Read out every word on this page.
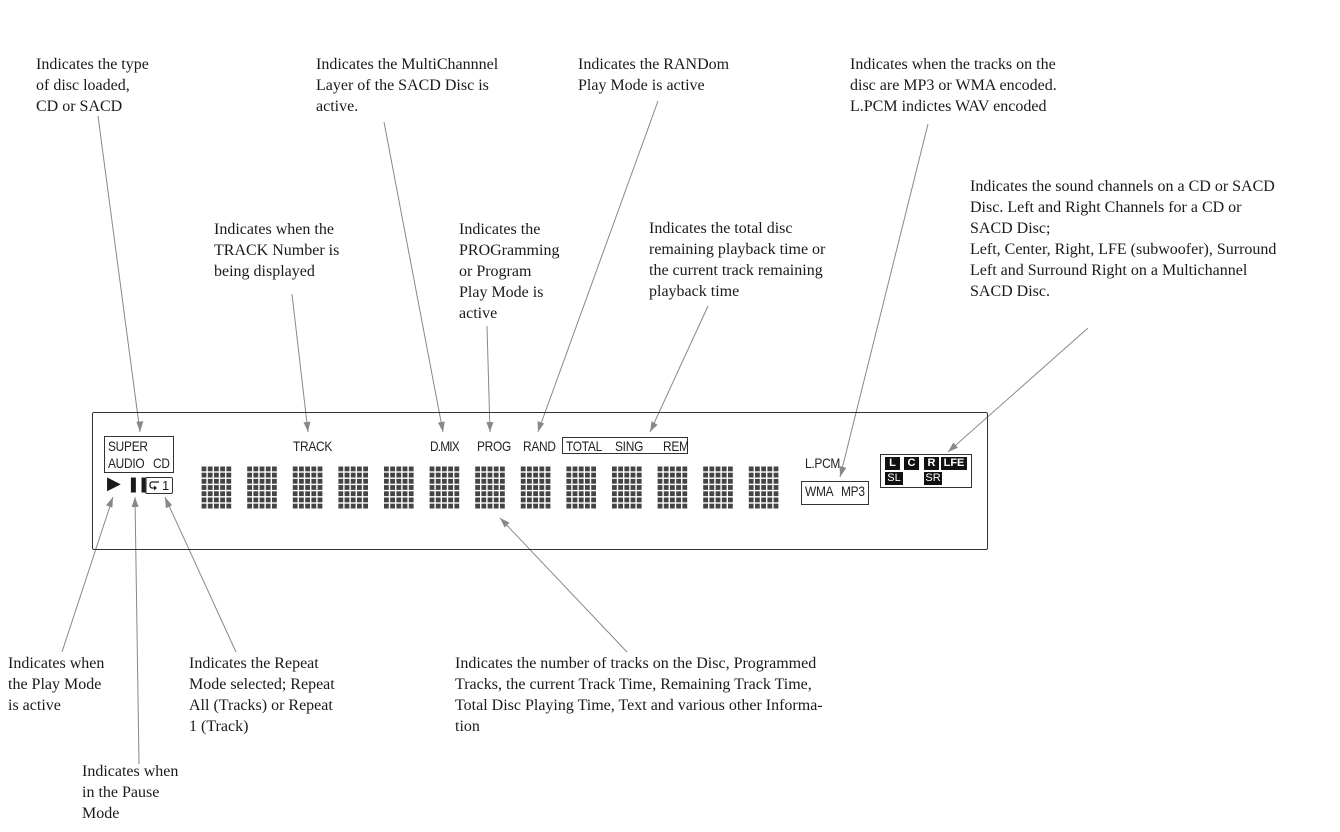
Indicates the type
of disc loaded,
CD or SACD
Indicates the MultiChannnel
Layer of the SACD Disc is
active.
Indicates the RANDom
Play Mode is active
Indicates when the tracks on the
disc are MP3 or WMA encoded.
L.PCM indictes WAV encoded
Indicates the sound channels on a CD or SACD
Disc. Left and Right Channels for a CD or
SACD Disc;
Left, Center, Right, LFE (subwoofer), Surround
Left and Surround Right on a Multichannel
SACD Disc.
Indicates when the
TRACK Number is
being displayed
Indicates the
PROGramming
or Program
Play Mode is
active
Indicates the total disc
remaining playback time or
the current track remaining
playback time
Indicates when
the Play Mode
is active
Indicates the Repeat
Mode selected; Repeat
All (Tracks) or Repeat
1 (Track)
Indicates when
in the Pause
Mode
Indicates the number of tracks on the Disc, Programmed
Tracks, the current Track Time, Remaining Track Time,
Total Disc Playing Time, Text and various other Informa-
tion
SUPER
AUDIO CD
▶ ❚❚ 1
TRACK	D.MIX PROG RAND TOTAL SING REM
L.PCM
WMA MP3
L	C	R LFE
SL SR
